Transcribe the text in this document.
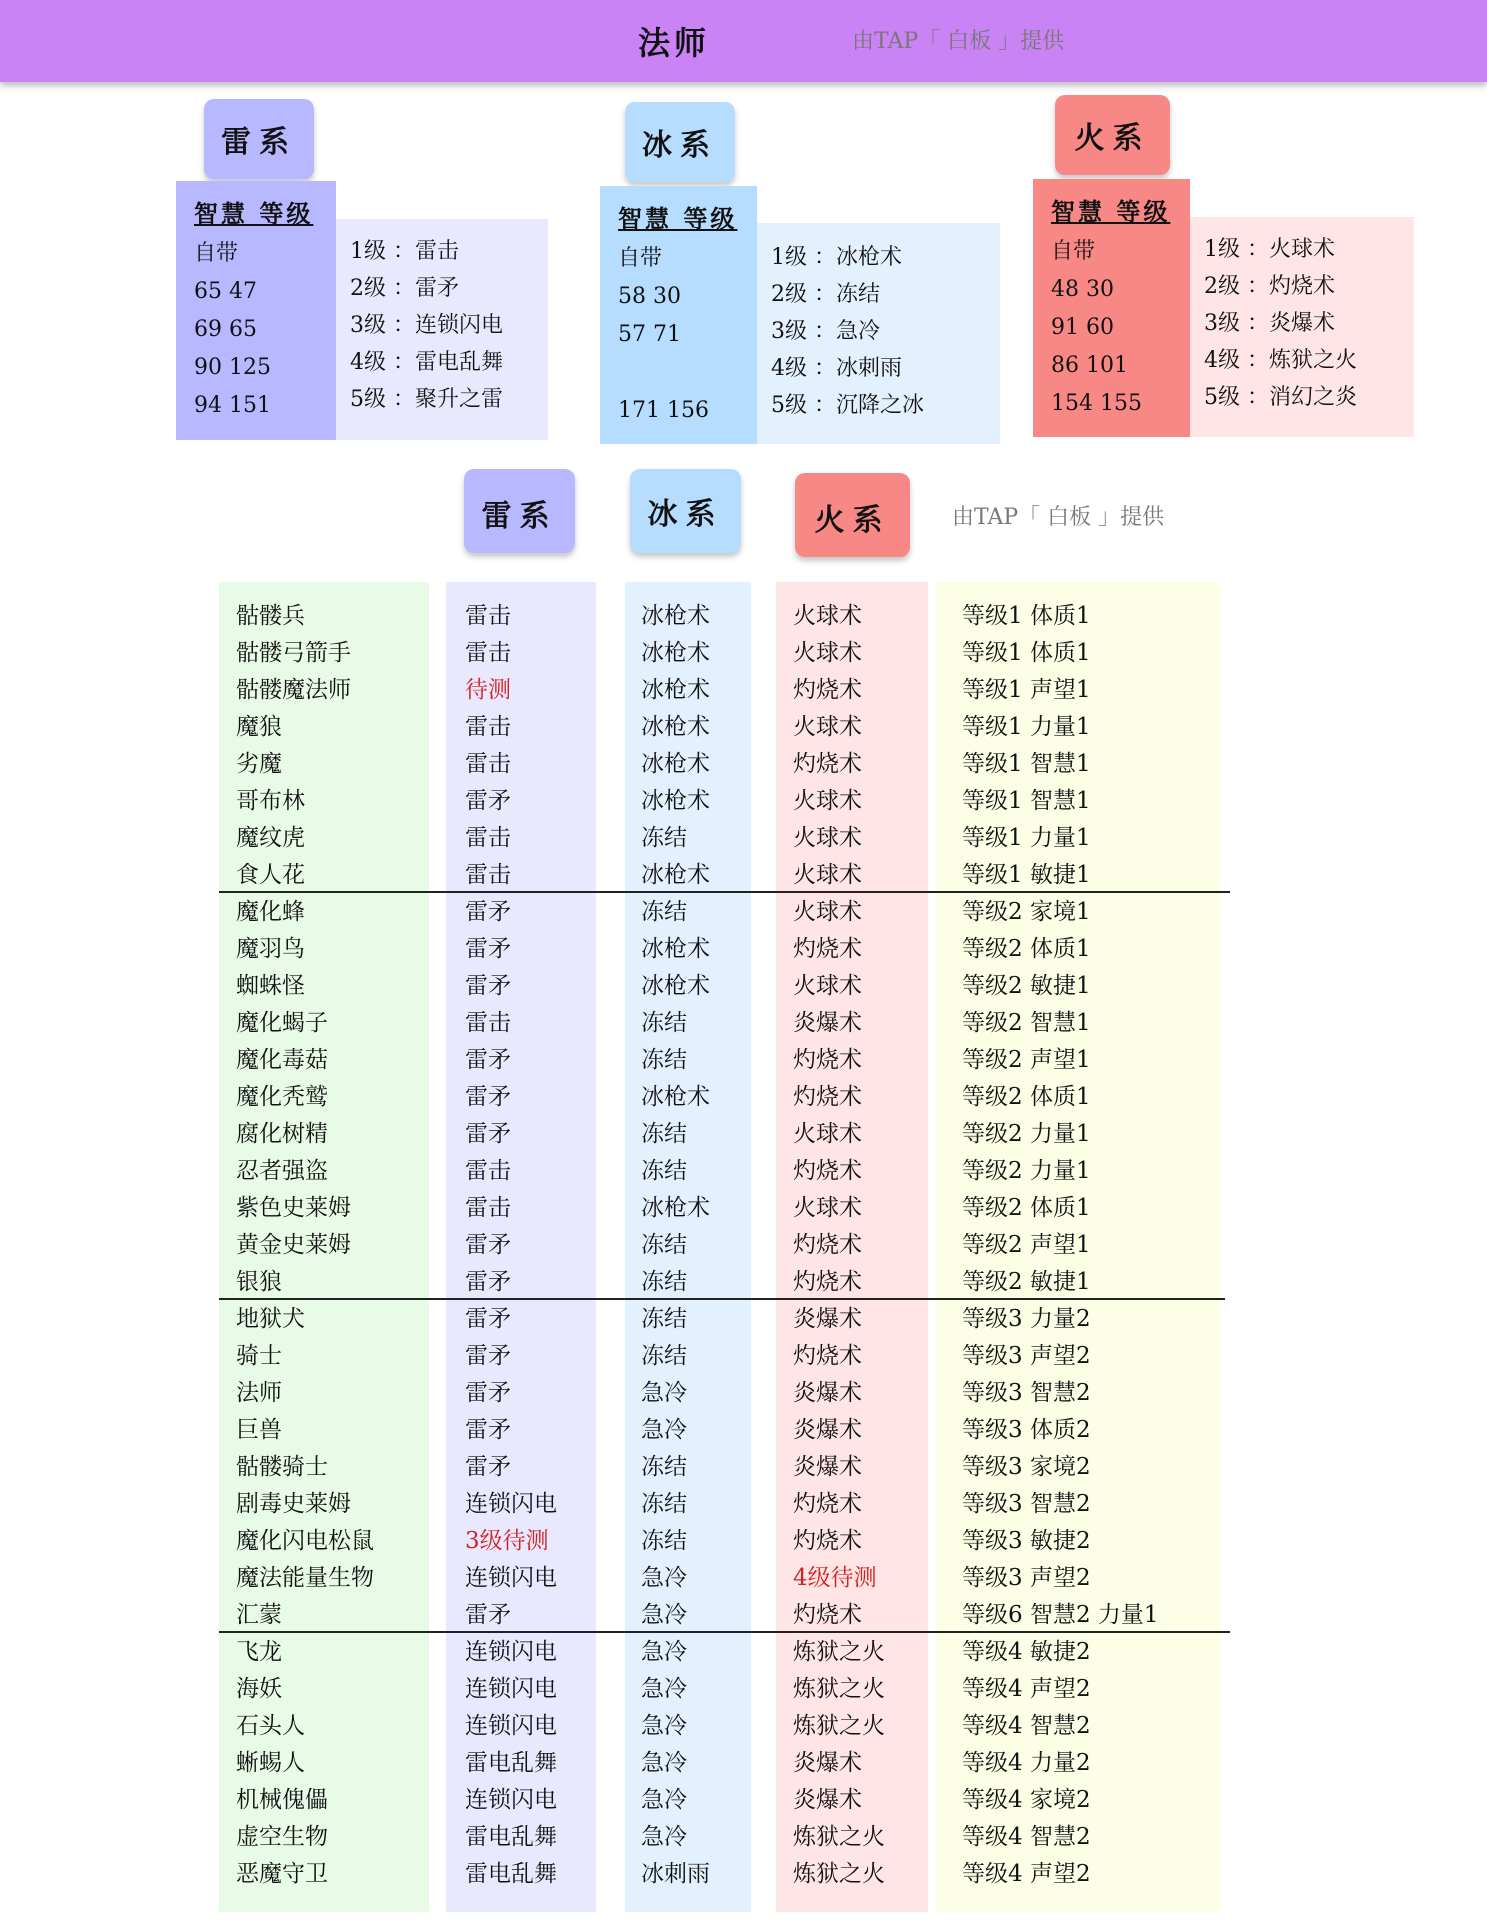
法师	由TAP「 白板 」提供
雷系
智慧 等级
自带
65 47
69 65
90 125
94 151
1级 ：雷击
2级 ：雷矛
3级 ：连锁闪电
4级 ：雷电乱舞
5级 ：聚升之雷
冰系
智慧 等级
自带
58 30
57 71
171 156
1级 ：冰枪术
2级 ：冻结
3级 ：急冷
4级 ：冰刺雨
5级 ：沉降之冰
火系
智慧 等级
自带
48 30
91 60
86 101
154 155
1级 ：火球术
2级 ：灼烧术
3级 ：炎爆术
4级 ：炼狱之火
5级 ：消幻之炎
雷系	冰系	火系	由TAP「 白板 」提供
骷髅兵	雷击	冰枪术	火球术	等级1 体质1
骷髅弓箭手	雷击	冰枪术	火球术	等级1 体质1
骷髅魔法师	待测	冰枪术	灼烧术	等级1 声望1
魔狼	雷击	冰枪术	火球术	等级1 力量1
劣魔	雷击	冰枪术	灼烧术	等级1 智慧1
哥布林	雷矛	冰枪术	火球术	等级1 智慧1
魔纹虎	雷击	冻结	火球术	等级1 力量1
食人花	雷击	冰枪术	火球术	等级1 敏捷1
魔化蜂	雷矛	冻结	火球术	等级2 家境1
魔羽鸟	雷矛	冰枪术	灼烧术	等级2 体质1
蜘蛛怪	雷矛	冰枪术	火球术	等级2 敏捷1
魔化蝎子	雷击	冻结	炎爆术	等级2 智慧1
魔化毒菇	雷矛	冻结	灼烧术	等级2 声望1
魔化秃鹫	雷矛	冰枪术	灼烧术	等级2 体质1
腐化树精	雷矛	冻结	火球术	等级2 力量1
忍者强盗	雷击	冻结	灼烧术	等级2 力量1
紫色史莱姆	雷击	冰枪术	火球术	等级2 体质1
黄金史莱姆	雷矛	冻结	灼烧术	等级2 声望1
银狼	雷矛	冻结	灼烧术	等级2 敏捷1
地狱犬	雷矛	冻结	炎爆术	等级3 力量2
骑士	雷矛	冻结	灼烧术	等级3 声望2
法师	雷矛	急冷	炎爆术	等级3 智慧2
巨兽	雷矛	急冷	炎爆术	等级3 体质2
骷髅骑士	雷矛	冻结	炎爆术	等级3 家境2
剧毒史莱姆	连锁闪电	冻结	灼烧术	等级3 智慧2
魔化闪电松鼠	3级待测	冻结	灼烧术	等级3 敏捷2
魔法能量生物	连锁闪电	急冷	4级待测	等级3 声望2
汇蒙	雷矛	急冷	灼烧术	等级6 智慧2 力量1
飞龙	连锁闪电	急冷	炼狱之火	等级4 敏捷2
海妖	连锁闪电	急冷	炼狱之火	等级4 声望2
石头人	连锁闪电	急冷	炼狱之火	等级4 智慧2
蜥蜴人	雷电乱舞	急冷	炎爆术	等级4 力量2
机械傀儡	连锁闪电	急冷	炎爆术	等级4 家境2
虚空生物	雷电乱舞	急冷	炼狱之火	等级4 智慧2
恶魔守卫	雷电乱舞	冰刺雨	炼狱之火	等级4 声望2
